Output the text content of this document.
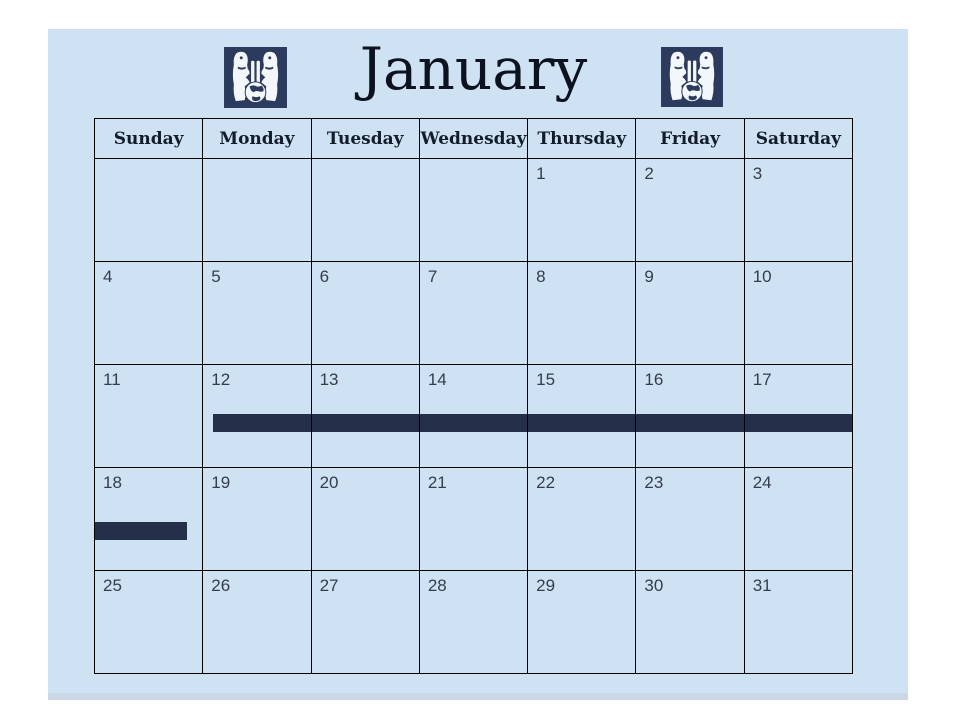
January
Sunday	Monday	Tuesday	Wednesday	Thursday	Friday	Saturday
				1	2	3
4	5	6	7	8	9	10
11	12	13	14	15	16	17
18	19	20	21	22	23	24
25	26	27	28	29	30	31
